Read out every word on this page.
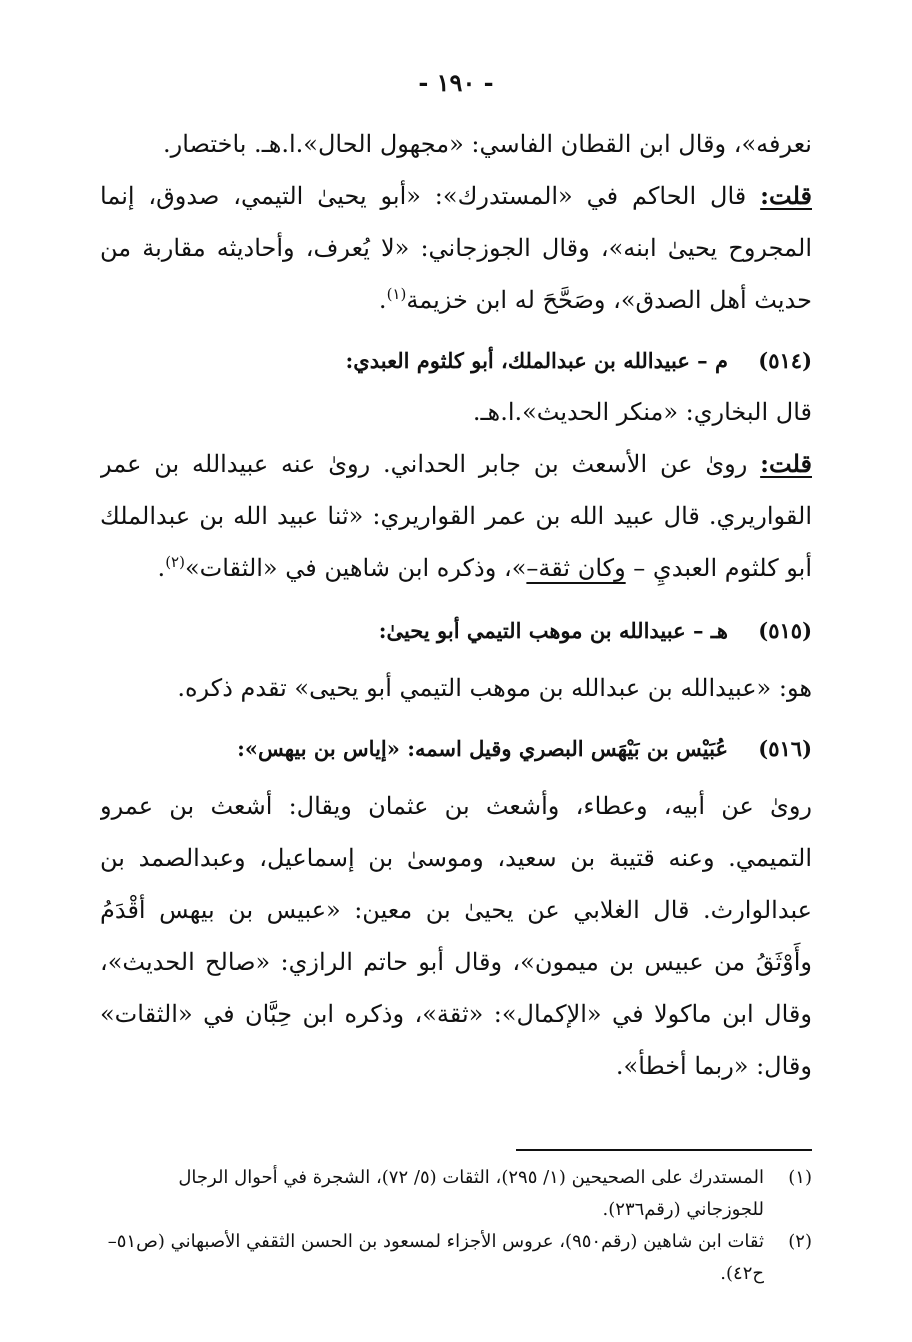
- ١٩٠ -
نعرفه»، وقال ابن القطان الفاسي: «مجهول الحال».ا.هـ. باختصار.
قلت: قال الحاكم في «المستدرك»: «أبو يحيىٰ التيمي، صدوق، إنما
المجروح يحيىٰ ابنه»، وقال الجوزجاني: «لا يُعرف، وأحاديثه مقاربة من
حديث أهل الصدق»، وصَحَّحَ له ابن خزيمة$^{(١)}$.
(٥١٤)
م – عبيدالله بن عبدالملك، أبو كلثوم العبدي:
قال البخاري: «منكر الحديث».ا.هـ.
قلت: روىٰ عن الأسعث بن جابر الحداني. روىٰ عنه عبيدالله بن عمر
القواريري. قال عبيد الله بن عمر القواريري: «ثنا عبيد الله بن عبدالملك
أبو كلثوم العبديِ – وكان ثقة–»، وذكره ابن شاهين في «الثقات»$^{(٢)}$.
(٥١٥)
هـ – عبيدالله بن موهب التيمي أبو يحيىٰ:
هو: «عبيدالله بن عبدالله بن موهب التيمي أبو يحيى» تقدم ذكره.
(٥١٦)
عُبَيْس بن بَيْهَس البصري وقيل اسمه: «إياس بن بيهس»:
روىٰ عن أبيه، وعطاء، وأشعث بن عثمان ويقال: أشعث بن عمرو
التميمي. وعنه قتيبة بن سعيد، وموسىٰ بن إسماعيل، وعبدالصمد بن
عبدالوارث. قال الغلابي عن يحيىٰ بن معين: «عبيس بن بيهس أقْدَمُ
وأَوْثَقُ من عبيس بن ميمون»، وقال أبو حاتم الرازي: «صالح الحديث»،
وقال ابن ماكولا في «الإكمال»: «ثقة»، وذكره ابن حِبَّان في «الثقات»
وقال: «ربما أخطأ».
(١)
المستدرك على الصحيحين (١/ ٢٩٥)، الثقات (٥/ ٧٢)، الشجرة في أحوال الرجال للجوزجاني (رقم٢٣٦).
(٢)
ثقات ابن شاهين (رقم٩٥٠)، عروس الأجزاء لمسعود بن الحسن الثقفي الأصبهاني (ص٥١–ح٤٢).
